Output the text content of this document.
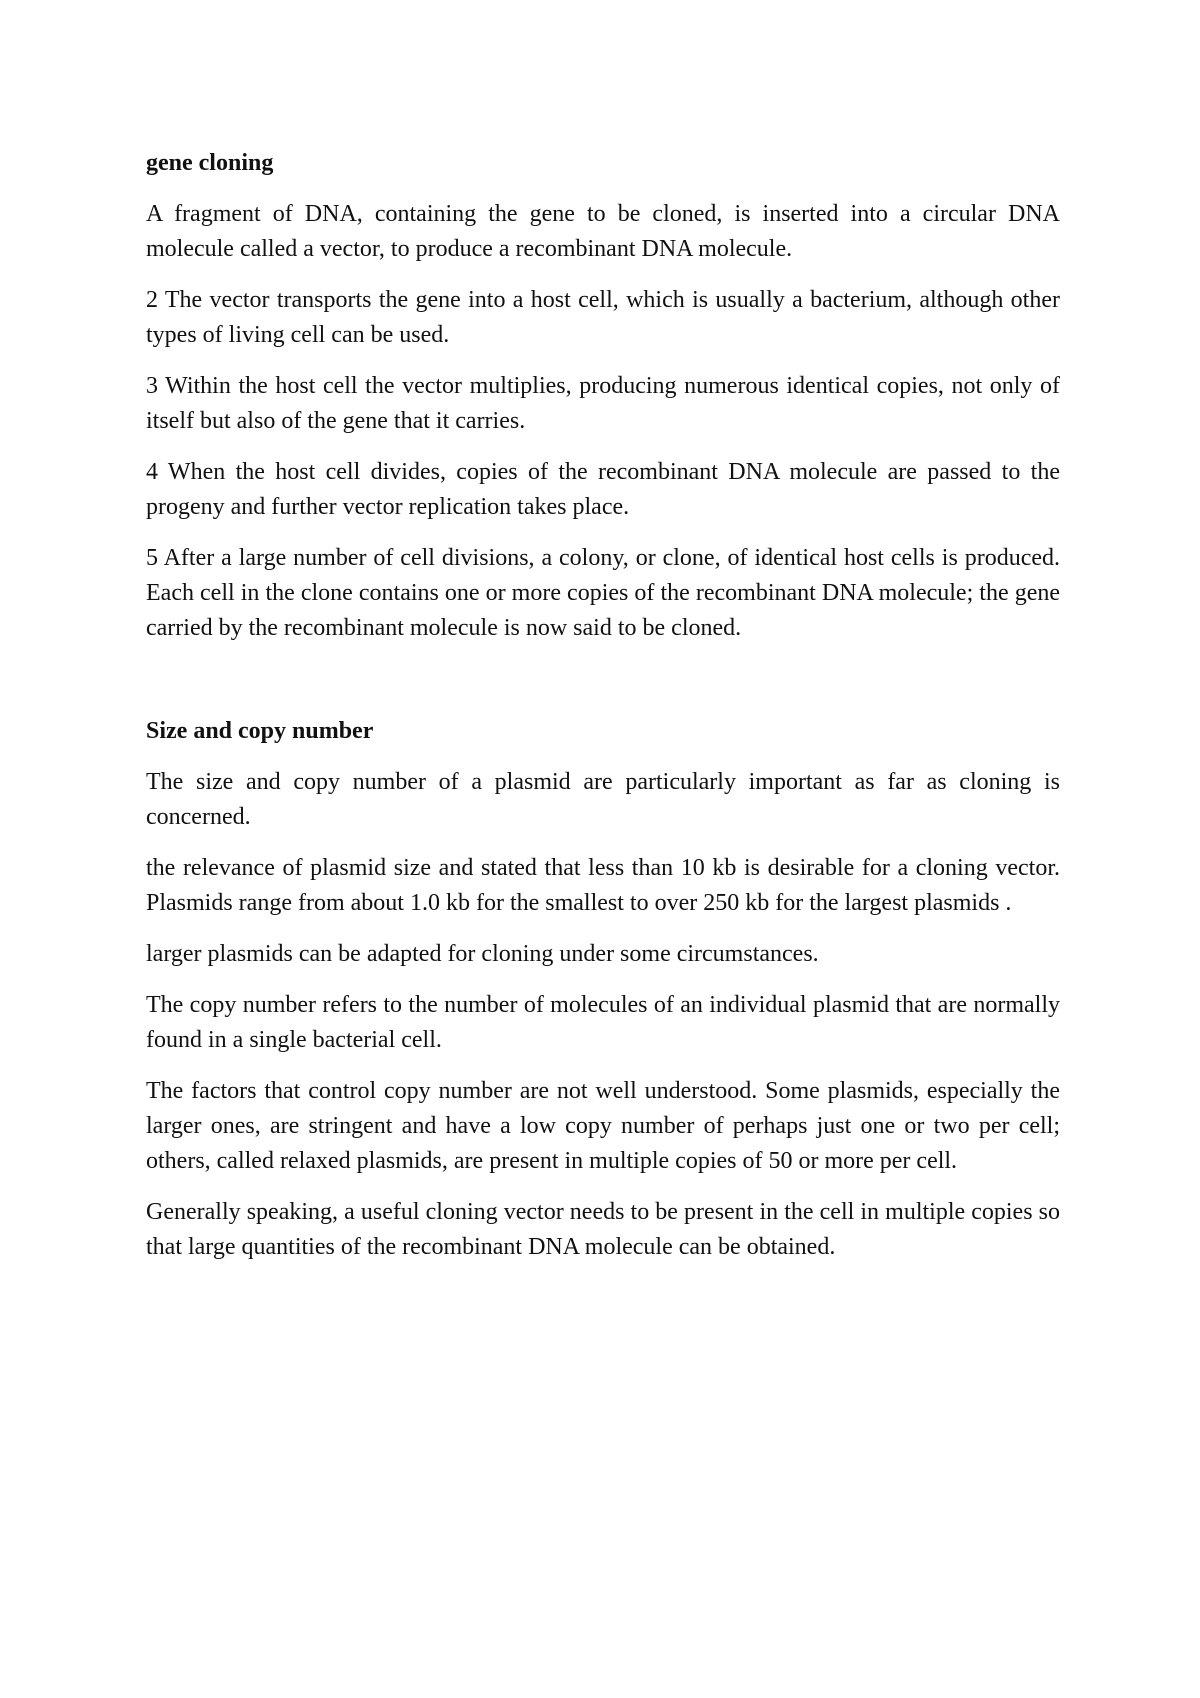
gene cloning

A fragment of DNA, containing the gene to be cloned, is inserted into a circular DNA molecule called a vector, to produce a recombinant DNA molecule.

2 The vector transports the gene into a host cell, which is usually a bacterium, although other types of living cell can be used.

3 Within the host cell the vector multiplies, producing numerous identical copies, not only of itself but also of the gene that it carries.

4 When the host cell divides, copies of the recombinant DNA molecule are passed to the progeny and further vector replication takes place.

5 After a large number of cell divisions, a colony, or clone, of identical host cells is produced. Each cell in the clone contains one or more copies of the recombinant DNA molecule; the gene carried by the recombinant molecule is now said to be cloned.

Size and copy number

The size and copy number of a plasmid are particularly important as far as cloning is concerned.

the relevance of plasmid size and stated that less than 10 kb is desirable for a cloning vector. Plasmids range from about 1.0 kb for the smallest to over 250 kb for the largest plasmids .

larger plasmids can be adapted for cloning under some circumstances.

The copy number refers to the number of molecules of an individual plasmid that are normally found in a single bacterial cell.

The factors that control copy number are not well understood. Some plasmids, especially the larger ones, are stringent and have a low copy number of perhaps just one or two per cell; others, called relaxed plasmids, are present in multiple copies of 50 or more per cell.

Generally speaking, a useful cloning vector needs to be present in the cell in multiple copies so that large quantities of the recombinant DNA molecule can be obtained.
